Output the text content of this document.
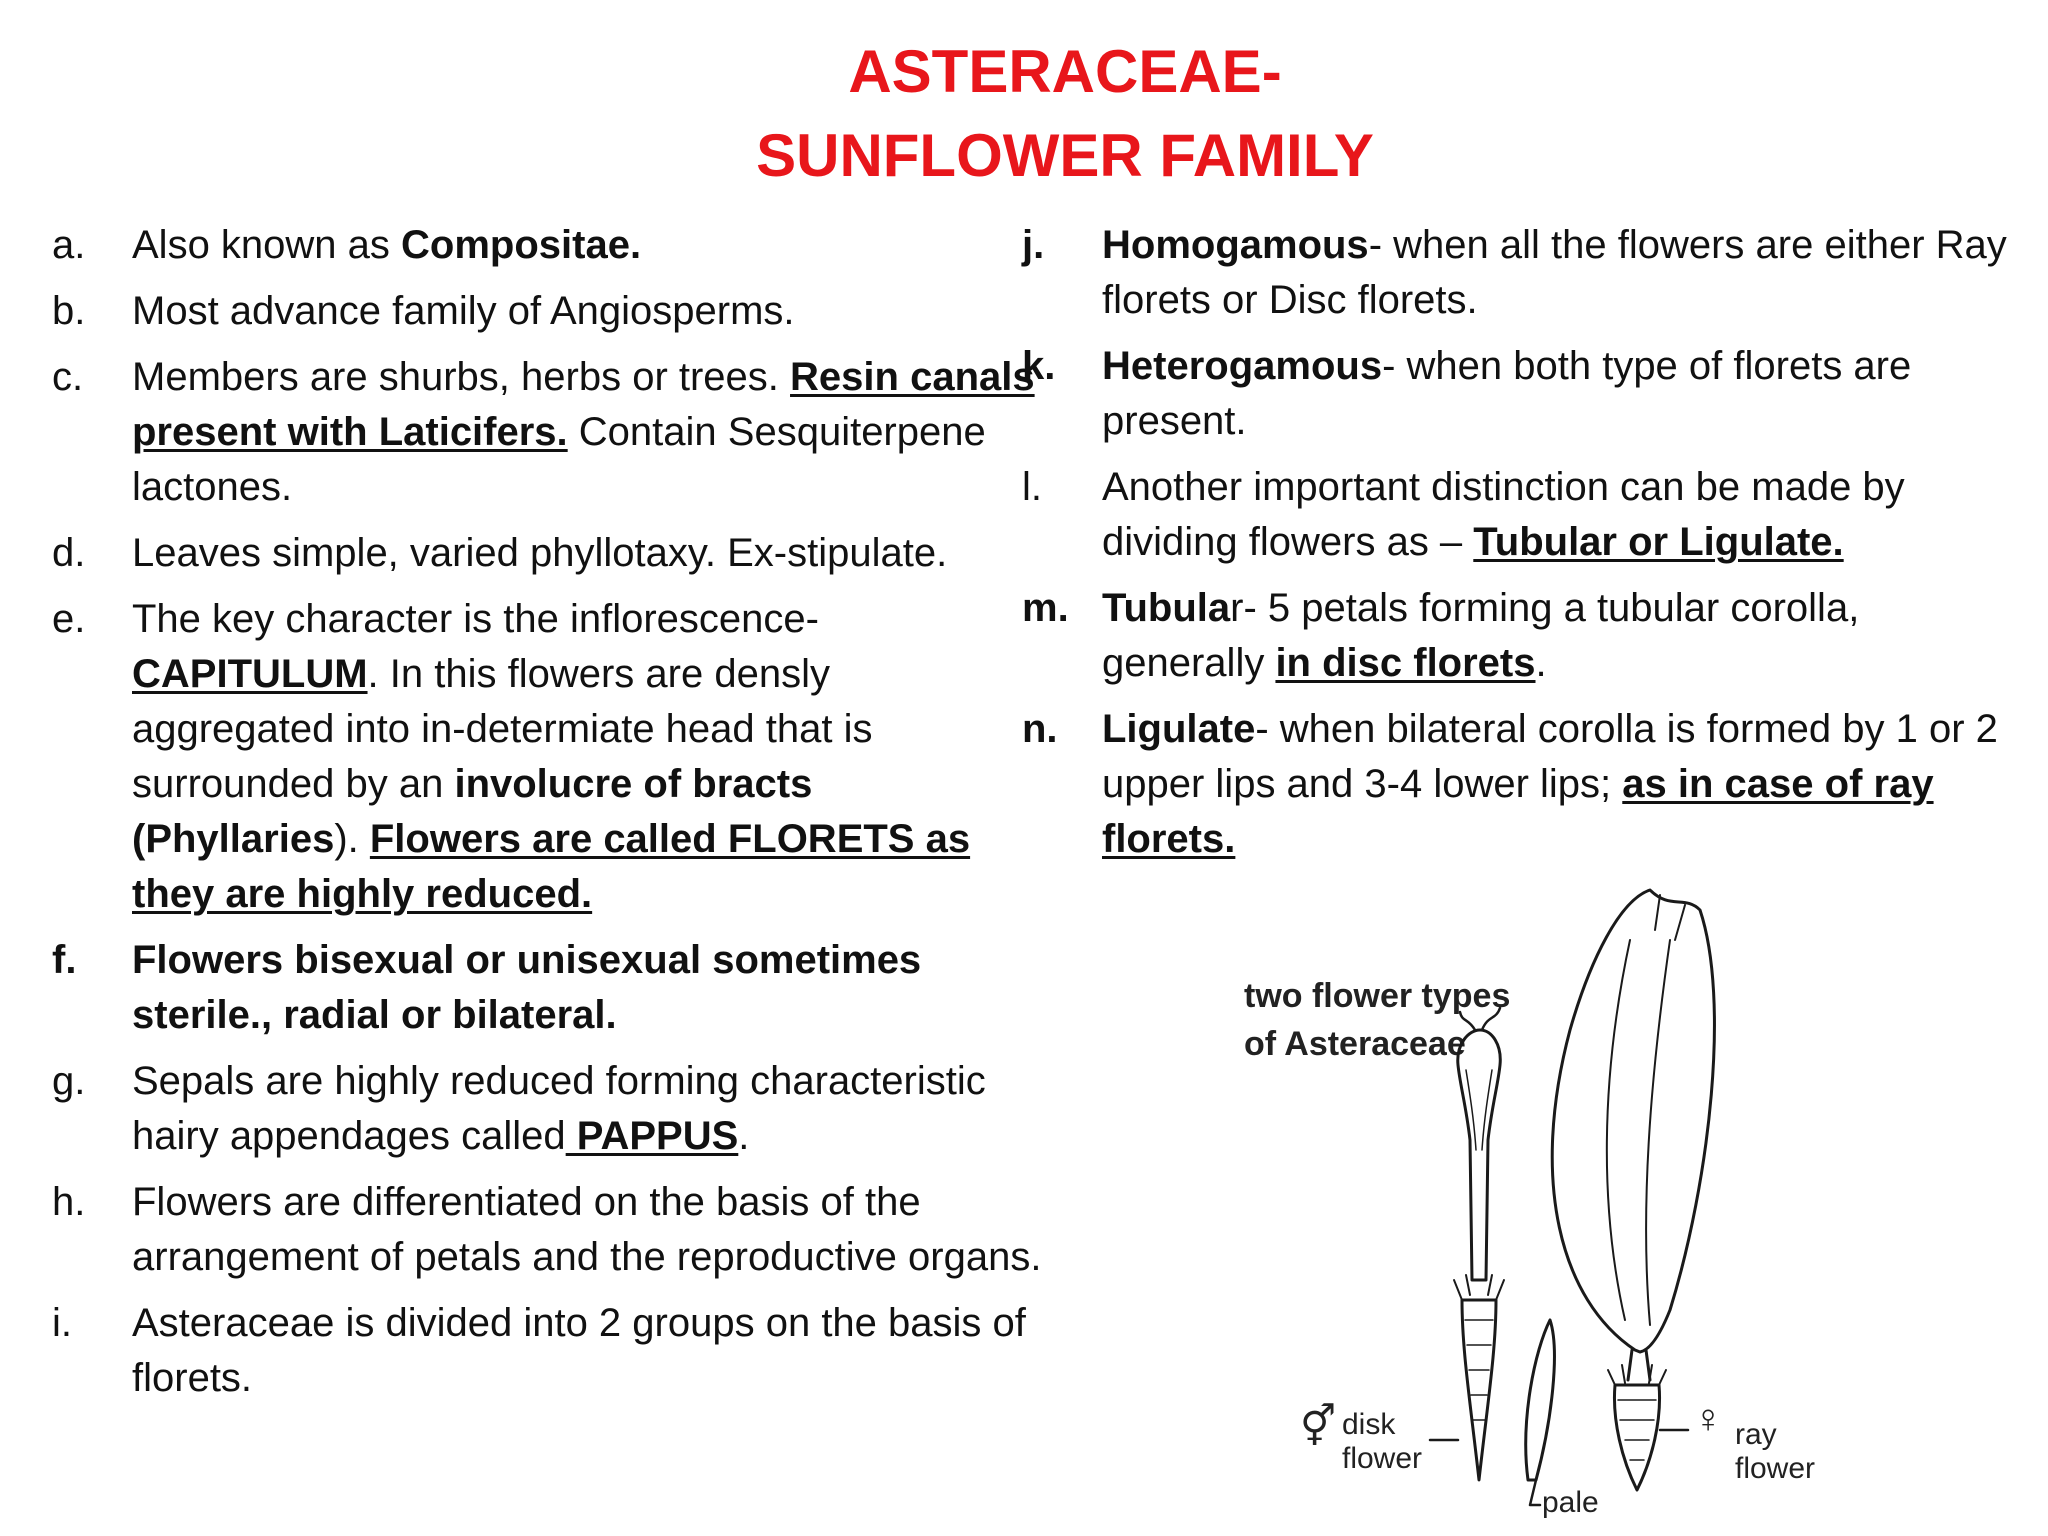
ASTERACEAE-
SUNFLOWER FAMILY
a.	Also known as Compositae.
b.	Most advance family of Angiosperms.
c.	Members are shurbs, herbs or trees. Resin canals present with Laticifers. Contain Sesquiterpene lactones.
d.	Leaves simple, varied phyllotaxy. Ex-stipulate.
e.	The key character is the inflorescence-CAPITULUM. In this flowers are densly aggregated into in-determiate head that is surrounded by an involucre of bracts (Phyllaries). Flowers are called FLORETS as they are highly reduced.
f.	Flowers bisexual or unisexual sometimes sterile., radial or bilateral.
g.	Sepals are highly reduced forming characteristic hairy appendages called PAPPUS.
h.	Flowers are differentiated on the basis of the arrangement of petals and the reproductive organs.
i.	Asteraceae is divided into 2 groups on the basis of florets.
j.	Homogamous- when all the flowers are either Ray florets or Disc florets.
k.	Heterogamous- when both type of florets are present.
l.	Another important distinction can be made by dividing flowers as – Tubular or Ligulate.
m. Tubular- 5 petals forming a tubular corolla, generally in disc florets.
n.	Ligulate- when bilateral corolla is formed by 1 or 2 upper lips and 3-4 lower lips; as in case of ray florets.
two flower types
of Asteraceae
⚥ disk
flower
♀ ray
flower
pale
